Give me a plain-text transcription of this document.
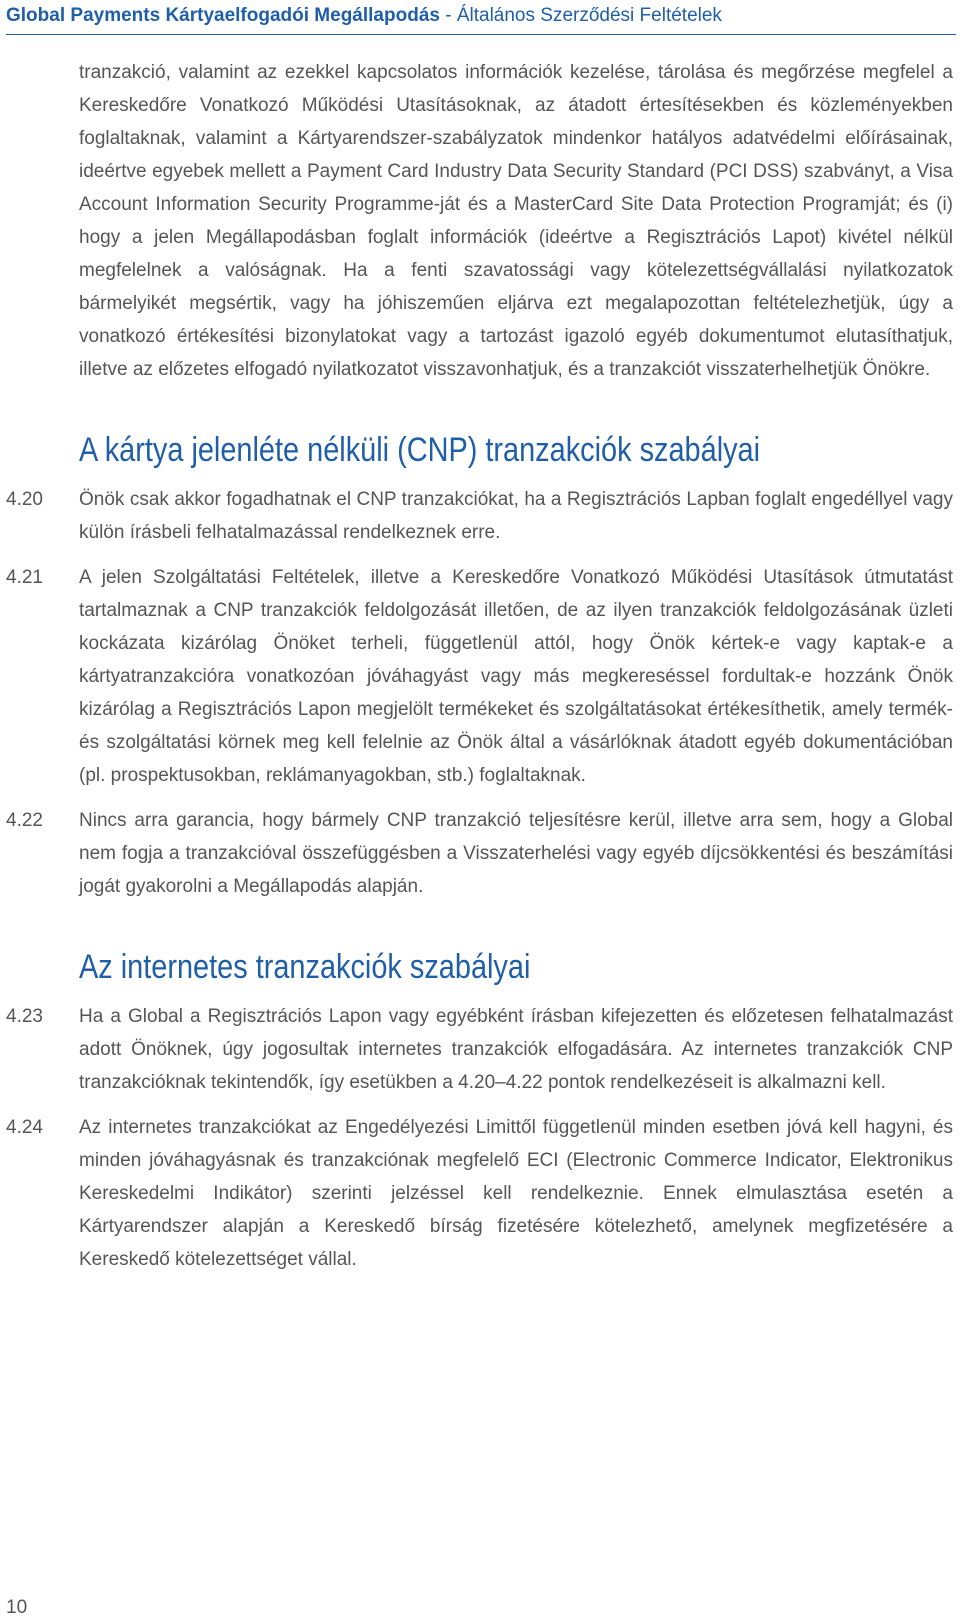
Global Payments Kártyaelfogadói Megállapodás - Általános Szerződési Feltételek

tranzakció, valamint az ezekkel kapcsolatos információk kezelése, tárolása és megőrzése megfelel a Kereskedőre Vonatkozó Működési Utasításoknak, az átadott értesítésekben és közleményekben foglaltaknak, valamint a Kártyarendszer-szabályzatok mindenkor hatályos adatvédelmi előírásainak, ideértve egyebek mellett a Payment Card Industry Data Security Standard (PCI DSS) szabványt, a Visa Account Information Security Programme-ját és a MasterCard Site Data Protection Programját; és (i) hogy a jelen Megállapodásban foglalt információk (ideértve a Regisztrációs Lapot) kivétel nélkül megfelelnek a valóságnak. Ha a fenti szavatossági vagy kötelezettségvállalási nyilatkozatok bármelyikét megsértik, vagy ha jóhiszeműen eljárva ezt megalapozottan feltételezhetjük, úgy a vonatkozó értékesítési bizonylatokat vagy a tartozást igazoló egyéb dokumentumot elutasíthatjuk, illetve az előzetes elfogadó nyilatkozatot visszavonhatjuk, és a tranzakciót visszaterhelhetjük Önökre.

A kártya jelenléte nélküli (CNP) tranzakciók szabályai
4.20 Önök csak akkor fogadhatnak el CNP tranzakciókat, ha a Regisztrációs Lapban foglalt engedéllyel vagy külön írásbeli felhatalmazással rendelkeznek erre.

4.21 A jelen Szolgáltatási Feltételek, illetve a Kereskedőre Vonatkozó Működési Utasítások útmutatást tartalmaznak a CNP tranzakciók feldolgozását illetően, de az ilyen tranzakciók feldolgozásának üzleti kockázata kizárólag Önöket terheli, függetlenül attól, hogy Önök kértek-e vagy kaptak-e a kártyatranzakcióra vonatkozóan jóváhagyást vagy más megkereséssel fordultak-e hozzánk Önök kizárólag a Regisztrációs Lapon megjelölt termékeket és szolgáltatásokat értékesíthetik, amely termék- és szolgáltatási körnek meg kell felelnie az Önök által a vásárlóknak átadott egyéb dokumentációban (pl. prospektusokban, reklámanyagokban, stb.) foglaltaknak.

4.22 Nincs arra garancia, hogy bármely CNP tranzakció teljesítésre kerül, illetve arra sem, hogy a Global nem fogja a tranzakcióval összefüggésben a Visszaterhelési vagy egyéb díjcsökkentési és beszámítási jogát gyakorolni a Megállapodás alapján.

Az internetes tranzakciók szabályai
4.23 Ha a Global a Regisztrációs Lapon vagy egyébként írásban kifejezetten és előzetesen felhatalmazást adott Önöknek, úgy jogosultak internetes tranzakciók elfogadására. Az internetes tranzakciók CNP tranzakcióknak tekintendők, így esetükben a 4.20–4.22 pontok rendelkezéseit is alkalmazni kell.

4.24 Az internetes tranzakciókat az Engedélyezési Limittől függetlenül minden esetben jóvá kell hagyni, és minden jóváhagyásnak és tranzakciónak megfelelő ECI (Electronic Commerce Indicator, Elektronikus Kereskedelmi Indikátor) szerinti jelzéssel kell rendelkeznie. Ennek elmulasztása esetén a Kártyarendszer alapján a Kereskedő bírság fizetésére kötelezhető, amelynek megfizetésére a Kereskedő kötelezettséget vállal.

10
